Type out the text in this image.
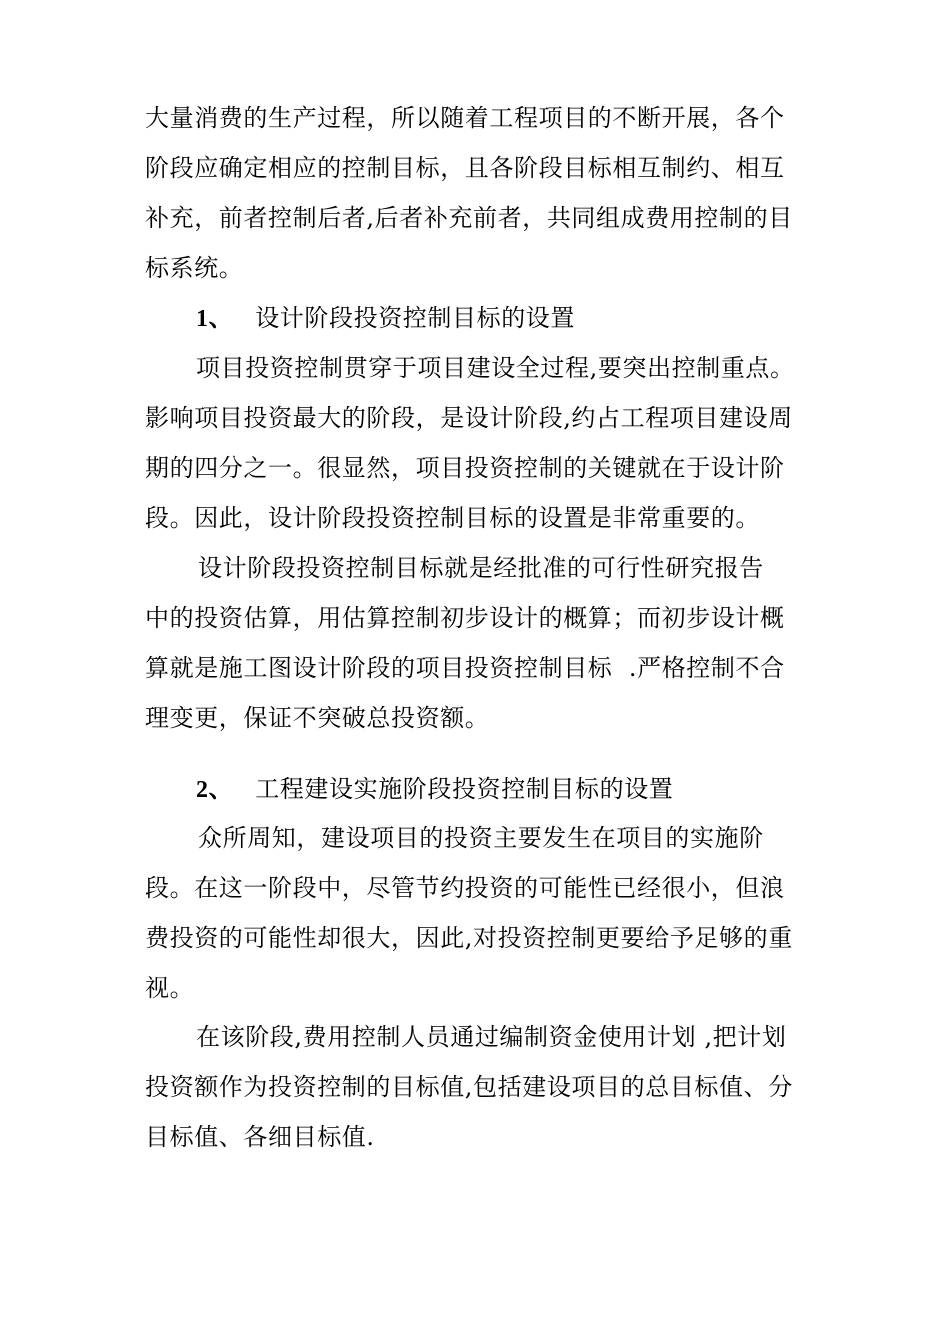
大量消费的生产过程，所以随着工程项目的不断开展，各个
阶段应确定相应的控制目标，且各阶段目标相互制约、相互
补充，前者控制后者,后者补充前者，共同组成费用控制的目
标系统。
1、 设计阶段投资控制目标的设置
项目投资控制贯穿于项目建设全过程,要突出控制重点。
影响项目投资最大的阶段，是设计阶段,约占工程项目建设周
期的四分之一。很显然，项目投资控制的关键就在于设计阶
段。因此，设计阶段投资控制目标的设置是非常重要的。
设计阶段投资控制目标就是经批准的可行性研究报告
中的投资估算，用估算控制初步设计的概算；而初步设计概
算就是施工图设计阶段的项目投资控制目标  .严格控制不合
理变更，保证不突破总投资额。
2、 工程建设实施阶段投资控制目标的设置
众所周知，建设项目的投资主要发生在项目的实施阶
段。在这一阶段中，尽管节约投资的可能性已经很小，但浪
费投资的可能性却很大，因此,对投资控制更要给予足够的重
视。
在该阶段,费用控制人员通过编制资金使用计划 ,把计划
投资额作为投资控制的目标值,包括建设项目的总目标值、分
目标值、各细目标值.
